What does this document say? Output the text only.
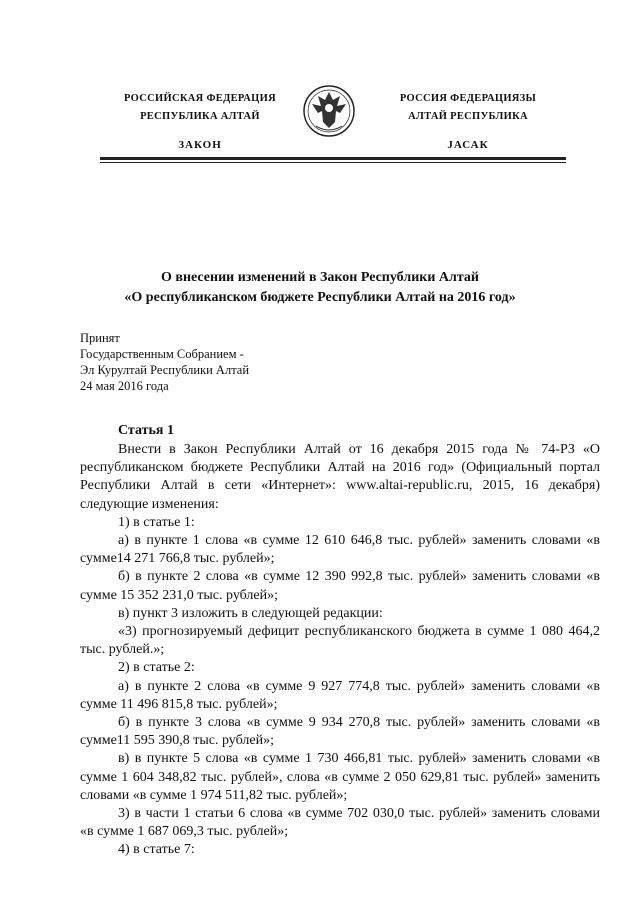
РОССИЙСКАЯ ФЕДЕРАЦИЯ
РЕСПУБЛИКА АЛТАЙ
ЗАКОН
РОССИЯ ФЕДЕРАЦИЯЗЫ
АЛТАЙ РЕСПУБЛИКА
JАСАК
О внесении изменений в Закон Республики Алтай
«О республиканском бюджете Республики Алтай на 2016 год»
Принят
Государственным Собранием -
Эл Курултай Республики Алтай
24 мая 2016 года
Статья 1

Внести в Закон Республики Алтай от 16 декабря 2015 года № 74-РЗ «О республиканском бюджете Республики Алтай на 2016 год» (Официальный портал Республики Алтай в сети «Интернет»: www.altai-republic.ru, 2015, 16 декабря) следующие изменения:

1) в статье 1:

а) в пункте 1 слова «в сумме 12 610 646,8 тыс. рублей» заменить словами «в сумме14 271 766,8 тыс. рублей»;

б) в пункте 2 слова «в сумме 12 390 992,8 тыс. рублей» заменить словами «в сумме 15 352 231,0 тыс. рублей»;

в) пункт 3 изложить в следующей редакции:

«3) прогнозируемый дефицит республиканского бюджета в сумме 1 080 464,2 тыс. рублей.»;

2) в статье 2:

а) в пункте 2 слова «в сумме 9 927 774,8 тыс. рублей» заменить словами «в сумме 11 496 815,8 тыс. рублей»;

б) в пункте 3 слова «в сумме 9 934 270,8 тыс. рублей» заменить словами «в сумме11 595 390,8 тыс. рублей»;

в) в пункте 5 слова «в сумме 1 730 466,81 тыс. рублей» заменить словами «в сумме 1 604 348,82 тыс. рублей», слова «в сумме 2 050 629,81 тыс. рублей» заменить словами «в сумме 1 974 511,82 тыс. рублей»;

3) в части 1 статьи 6 слова «в сумме 702 030,0 тыс. рублей» заменить словами «в сумме 1 687 069,3 тыс. рублей»;

4) в статье 7:
